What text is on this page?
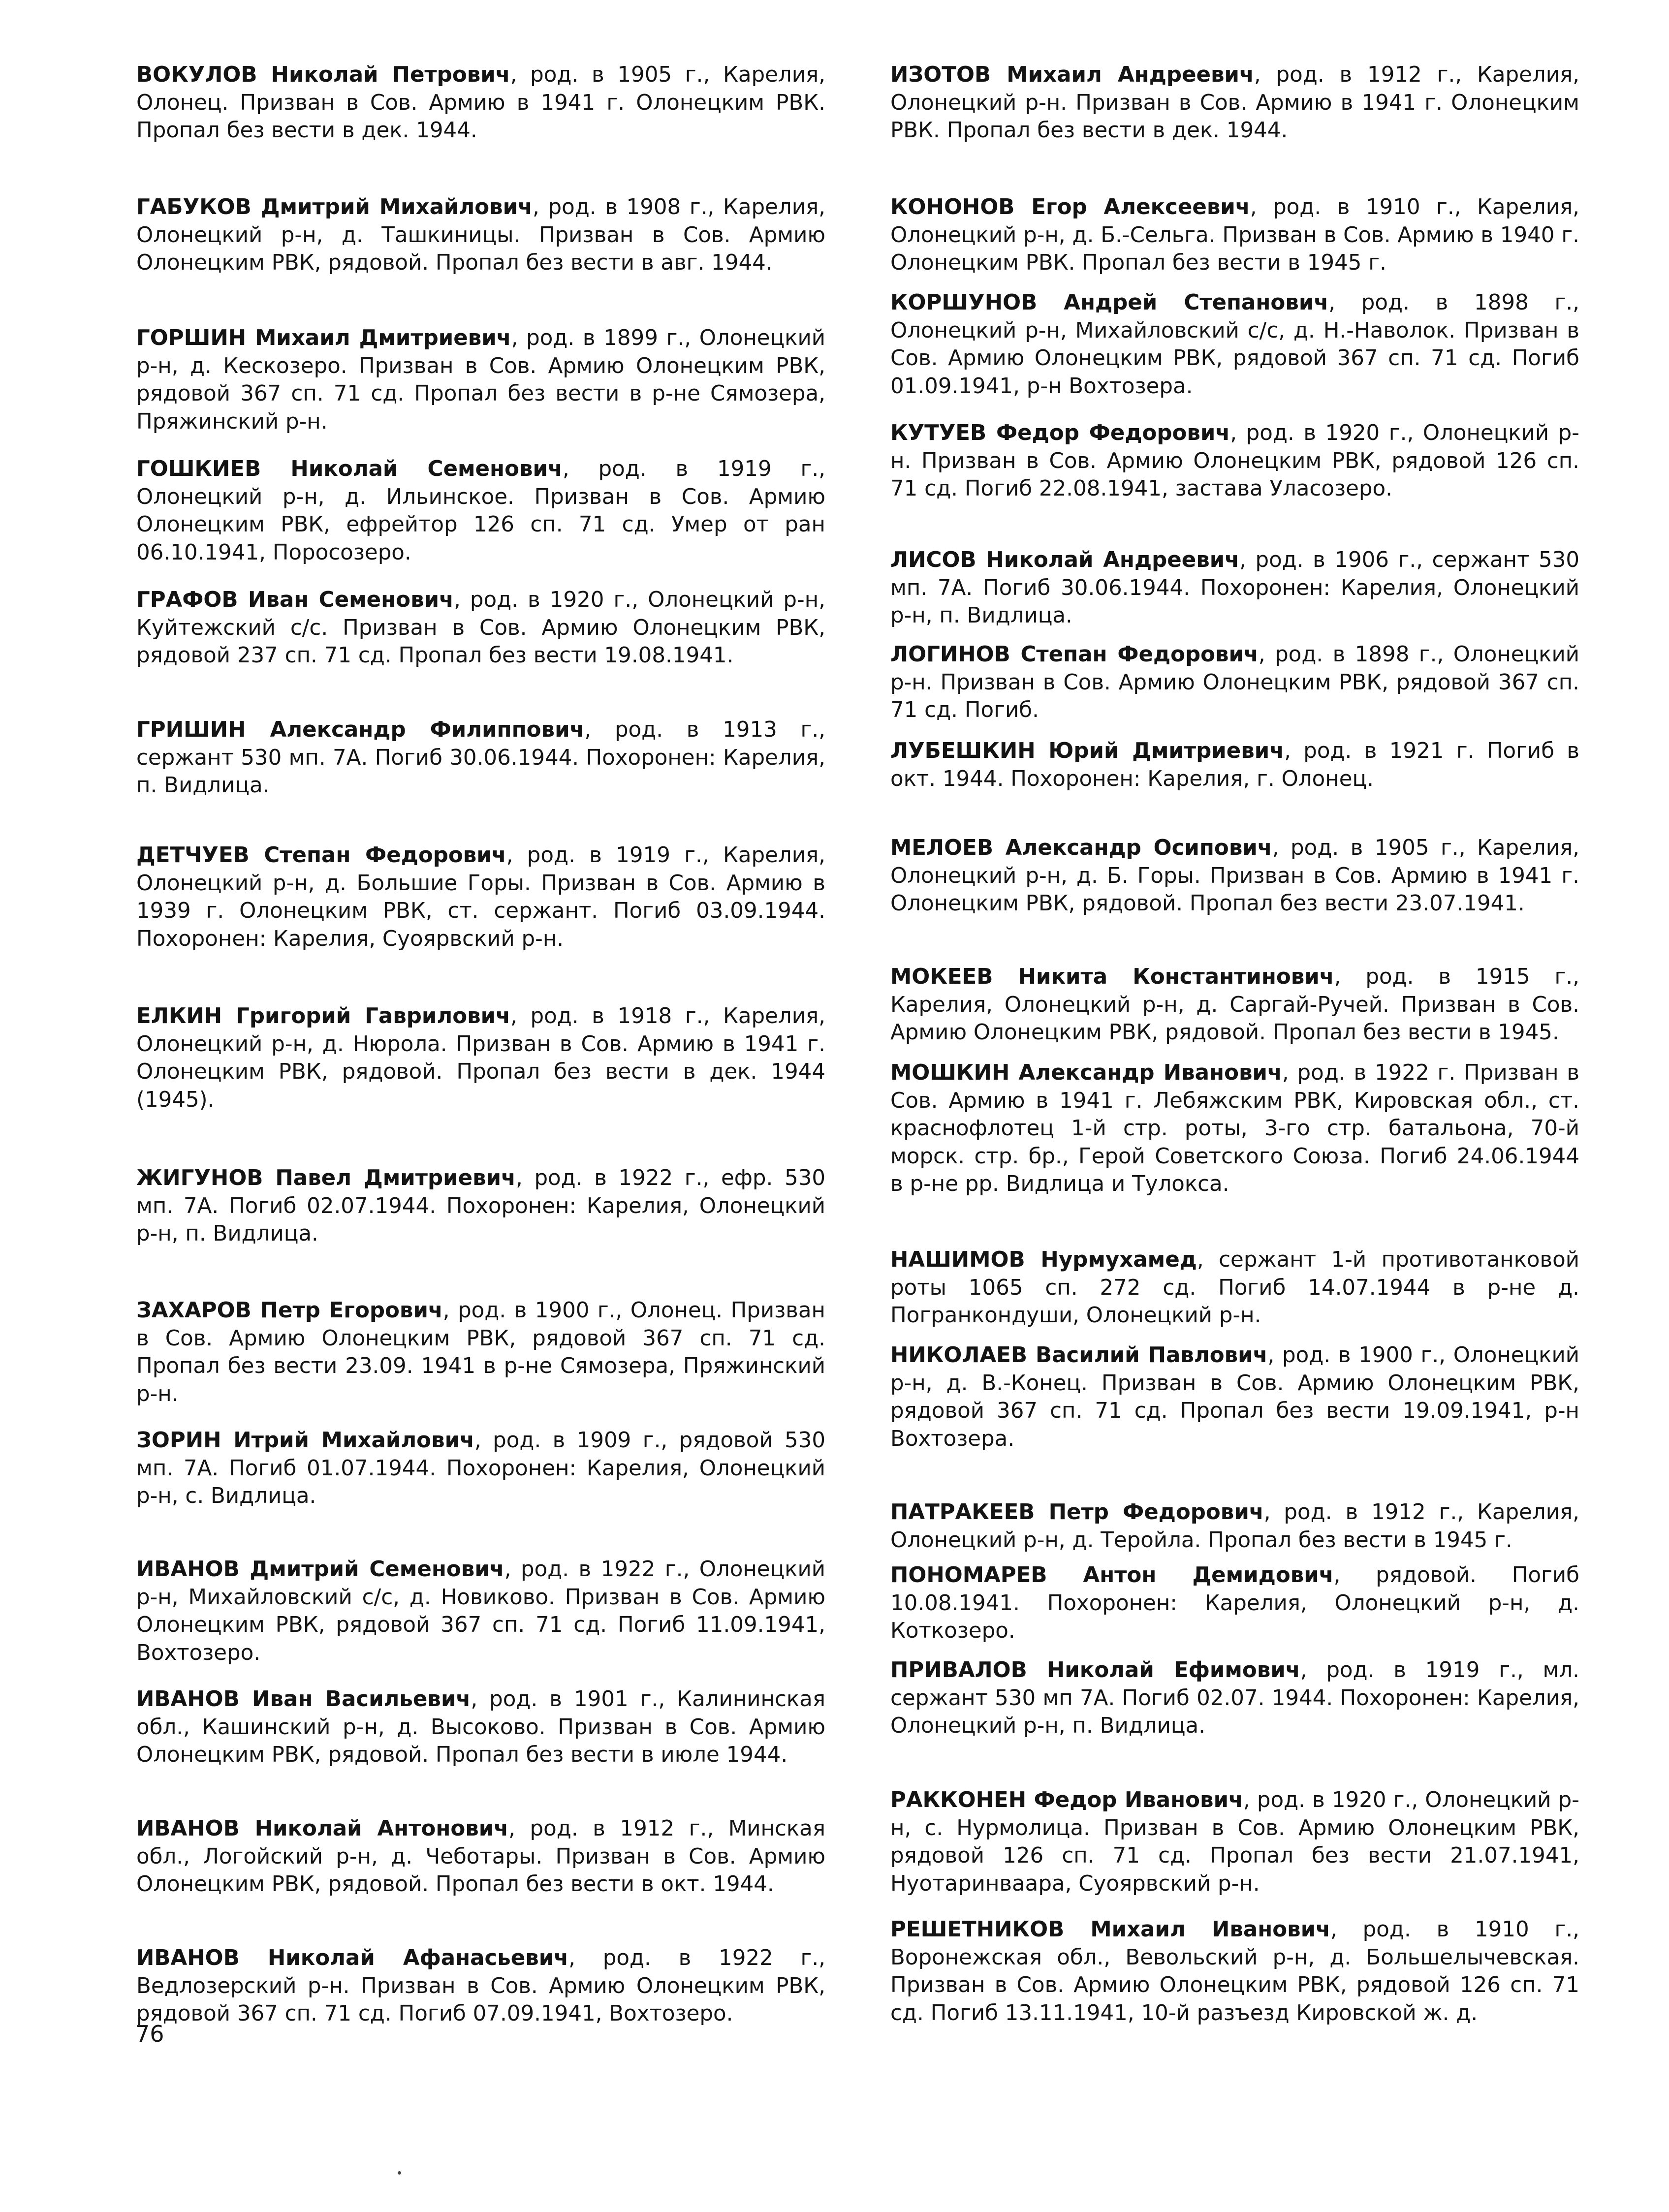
ВОКУЛОВ Николай Петрович, род. в 1905 г., Карелия, Олонец. Призван в Сов. Армию в 1941 г. Олонецким РВК. Пропал без вести в дек. 1944.

ГАБУКОВ Дмитрий Михайлович, род. в 1908 г., Карелия, Олонецкий р-н, д. Ташкиницы. Призван в Сов. Армию Олонецким РВК, рядовой. Пропал без вести в авг. 1944.

ГОРШИН Михаил Дмитриевич, род. в 1899 г., Олонецкий р-н, д. Кескозеро. Призван в Сов. Армию Олонецким РВК, рядовой 367 сп. 71 сд. Пропал без вести в р-не Сямозера, Пряжинский р-н.

ГОШКИЕВ Николай Семенович, род. в 1919 г., Олонецкий р-н, д. Ильинское. Призван в Сов. Армию Олонецким РВК, ефрейтор 126 сп. 71 сд. Умер от ран 06.10.1941, Поросозеро.

ГРАФОВ Иван Семенович, род. в 1920 г., Олонецкий р-н, Куйтежский с/с. Призван в Сов. Армию Олонецким РВК, рядовой 237 сп. 71 сд. Пропал без вести 19.08.1941.

ГРИШИН Александр Филиппович, род. в 1913 г., сержант 530 мп. 7А. Погиб 30.06.1944. Похоронен: Карелия, п. Видлица.

ДЕТЧУЕВ Степан Федорович, род. в 1919 г., Карелия, Олонецкий р-н, д. Большие Горы. Призван в Сов. Армию в 1939 г. Олонецким РВК, ст. сержант. Погиб 03.09.1944. Похоронен: Карелия, Суоярвский р-н.

ЕЛКИН Григорий Гаврилович, род. в 1918 г., Карелия, Олонецкий р-н, д. Нюрола. Призван в Сов. Армию в 1941 г. Олонецким РВК, рядовой. Пропал без вести в дек. 1944 (1945).

ЖИГУНОВ Павел Дмитриевич, род. в 1922 г., ефр. 530 мп. 7А. Погиб 02.07.1944. Похоронен: Карелия, Олонецкий р-н, п. Видлица.

ЗАХАРОВ Петр Егорович, род. в 1900 г., Олонец. Призван в Сов. Армию Олонецким РВК, рядовой 367 сп. 71 сд. Пропал без вести 23.09. 1941 в р-не Сямозера, Пряжинский р-н.

ЗОРИН Итрий Михайлович, род. в 1909 г., рядовой 530 мп. 7А. Погиб 01.07.1944. Похоронен: Карелия, Олонецкий р-н, с. Видлица.

ИВАНОВ Дмитрий Семенович, род. в 1922 г., Олонецкий р-н, Михайловский с/с, д. Новиково. Призван в Сов. Армию Олонецким РВК, рядовой 367 сп. 71 сд. Погиб 11.09.1941, Вохтозеро.

ИВАНОВ Иван Васильевич, род. в 1901 г., Калининская обл., Кашинский р-н, д. Высоково. Призван в Сов. Армию Олонецким РВК, рядовой. Пропал без вести в июле 1944.

ИВАНОВ Николай Антонович, род. в 1912 г., Минская обл., Логойский р-н, д. Чеботары. Призван в Сов. Армию Олонецким РВК, рядовой. Пропал без вести в окт. 1944.

ИВАНОВ Николай Афанасьевич, род. в 1922 г., Ведлозерский р-н. Призван в Сов. Армию Олонецким РВК, рядовой 367 сп. 71 сд. Погиб 07.09.1941, Вохтозеро.

ИЗОТОВ Михаил Андреевич, род. в 1912 г., Карелия, Олонецкий р-н. Призван в Сов. Армию в 1941 г. Олонецким РВК. Пропал без вести в дек. 1944.

КОНОНОВ Егор Алексеевич, род. в 1910 г., Карелия, Олонецкий р-н, д. Б.-Сельга. Призван в Сов. Армию в 1940 г. Олонецким РВК. Пропал без вести в 1945 г.

КОРШУНОВ Андрей Степанович, род. в 1898 г., Олонецкий р-н, Михайловский с/с, д. Н.-Наволок. Призван в Сов. Армию Олонецким РВК, рядовой 367 сп. 71 сд. Погиб 01.09.1941, р-н Вохтозера.

КУТУЕВ Федор Федорович, род. в 1920 г., Олонецкий р-н. Призван в Сов. Армию Олонецким РВК, рядовой 126 сп. 71 сд. Погиб 22.08.1941, застава Уласозеро.

ЛИСОВ Николай Андреевич, род. в 1906 г., сержант 530 мп. 7А. Погиб 30.06.1944. Похоронен: Карелия, Олонецкий р-н, п. Видлица.

ЛОГИНОВ Степан Федорович, род. в 1898 г., Олонецкий р-н. Призван в Сов. Армию Олонецким РВК, рядовой 367 сп. 71 сд. Погиб.

ЛУБЕШКИН Юрий Дмитриевич, род. в 1921 г. Погиб в окт. 1944. Похоронен: Карелия, г. Олонец.

МЕЛОЕВ Александр Осипович, род. в 1905 г., Карелия, Олонецкий р-н, д. Б. Горы. Призван в Сов. Армию в 1941 г. Олонецким РВК, рядовой. Пропал без вести 23.07.1941.

МОКЕЕВ Никита Константинович, род. в 1915 г., Карелия, Олонецкий р-н, д. Саргай-Ручей. Призван в Сов. Армию Олонецким РВК, рядовой. Пропал без вести в 1945.

МОШКИН Александр Иванович, род. в 1922 г. Призван в Сов. Армию в 1941 г. Лебяжским РВК, Кировская обл., ст. краснофлотец 1-й стр. роты, 3-го стр. батальона, 70-й морск. стр. бр., Герой Советского Союза. Погиб 24.06.1944 в р-не рр. Видлица и Тулокса.

НАШИМОВ Нурмухамед, сержант 1-й противотанковой роты 1065 сп. 272 сд. Погиб 14.07.1944 в р-не д. Погранкондуши, Олонецкий р-н.

НИКОЛАЕВ Василий Павлович, род. в 1900 г., Олонецкий р-н, д. В.-Конец. Призван в Сов. Армию Олонецким РВК, рядовой 367 сп. 71 сд. Пропал без вести 19.09.1941, р-н Вохтозера.

ПАТРАКЕЕВ Петр Федорович, род. в 1912 г., Карелия, Олонецкий р-н, д. Теройла. Пропал без вести в 1945 г.

ПОНОМАРЕВ Антон Демидович, рядовой. Погиб 10.08.1941. Похоронен: Карелия, Олонецкий р-н, д. Коткозеро.

ПРИВАЛОВ Николай Ефимович, род. в 1919 г., мл. сержант 530 мп 7А. Погиб 02.07. 1944. Похоронен: Карелия, Олонецкий р-н, п. Видлица.

РАККОНЕН Федор Иванович, род. в 1920 г., Олонецкий р-н, с. Нурмолица. Призван в Сов. Армию Олонецким РВК, рядовой 126 сп. 71 сд. Пропал без вести 21.07.1941, Нуотаринваара, Суоярвский р-н.

РЕШЕТНИКОВ Михаил Иванович, род. в 1910 г., Воронежская обл., Вевольский р-н, д. Большелычевская. Призван в Сов. Армию Олонецким РВК, рядовой 126 сп. 71 сд. Погиб 13.11.1941, 10-й разъезд Кировской ж. д.

76
